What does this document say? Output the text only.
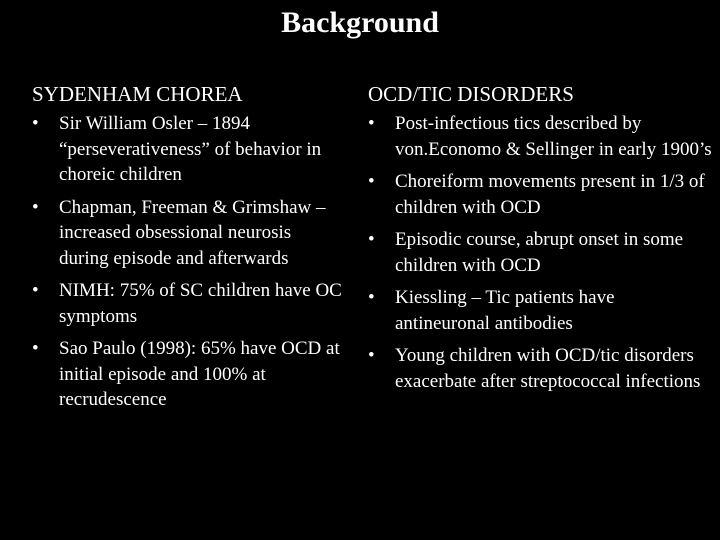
Background
SYDENHAM CHOREA
•	Sir William Osler – 1894 “perseverativeness” of behavior in choreic children
•	Chapman, Freeman & Grimshaw – increased obsessional neurosis during episode and afterwards
•	NIMH: 75% of SC children have OC symptoms
•	Sao Paulo (1998): 65% have OCD at initial episode and 100% at recrudescence
OCD/TIC DISORDERS
•	Post-infectious tics described by von.Economo & Sellinger in early 1900’s
•	Choreiform movements present in 1/3 of children with OCD
•	Episodic course, abrupt onset in some children with OCD
•	Kiessling – Tic patients have antineuronal antibodies
•	Young children with OCD/tic disorders exacerbate after streptococcal infections
